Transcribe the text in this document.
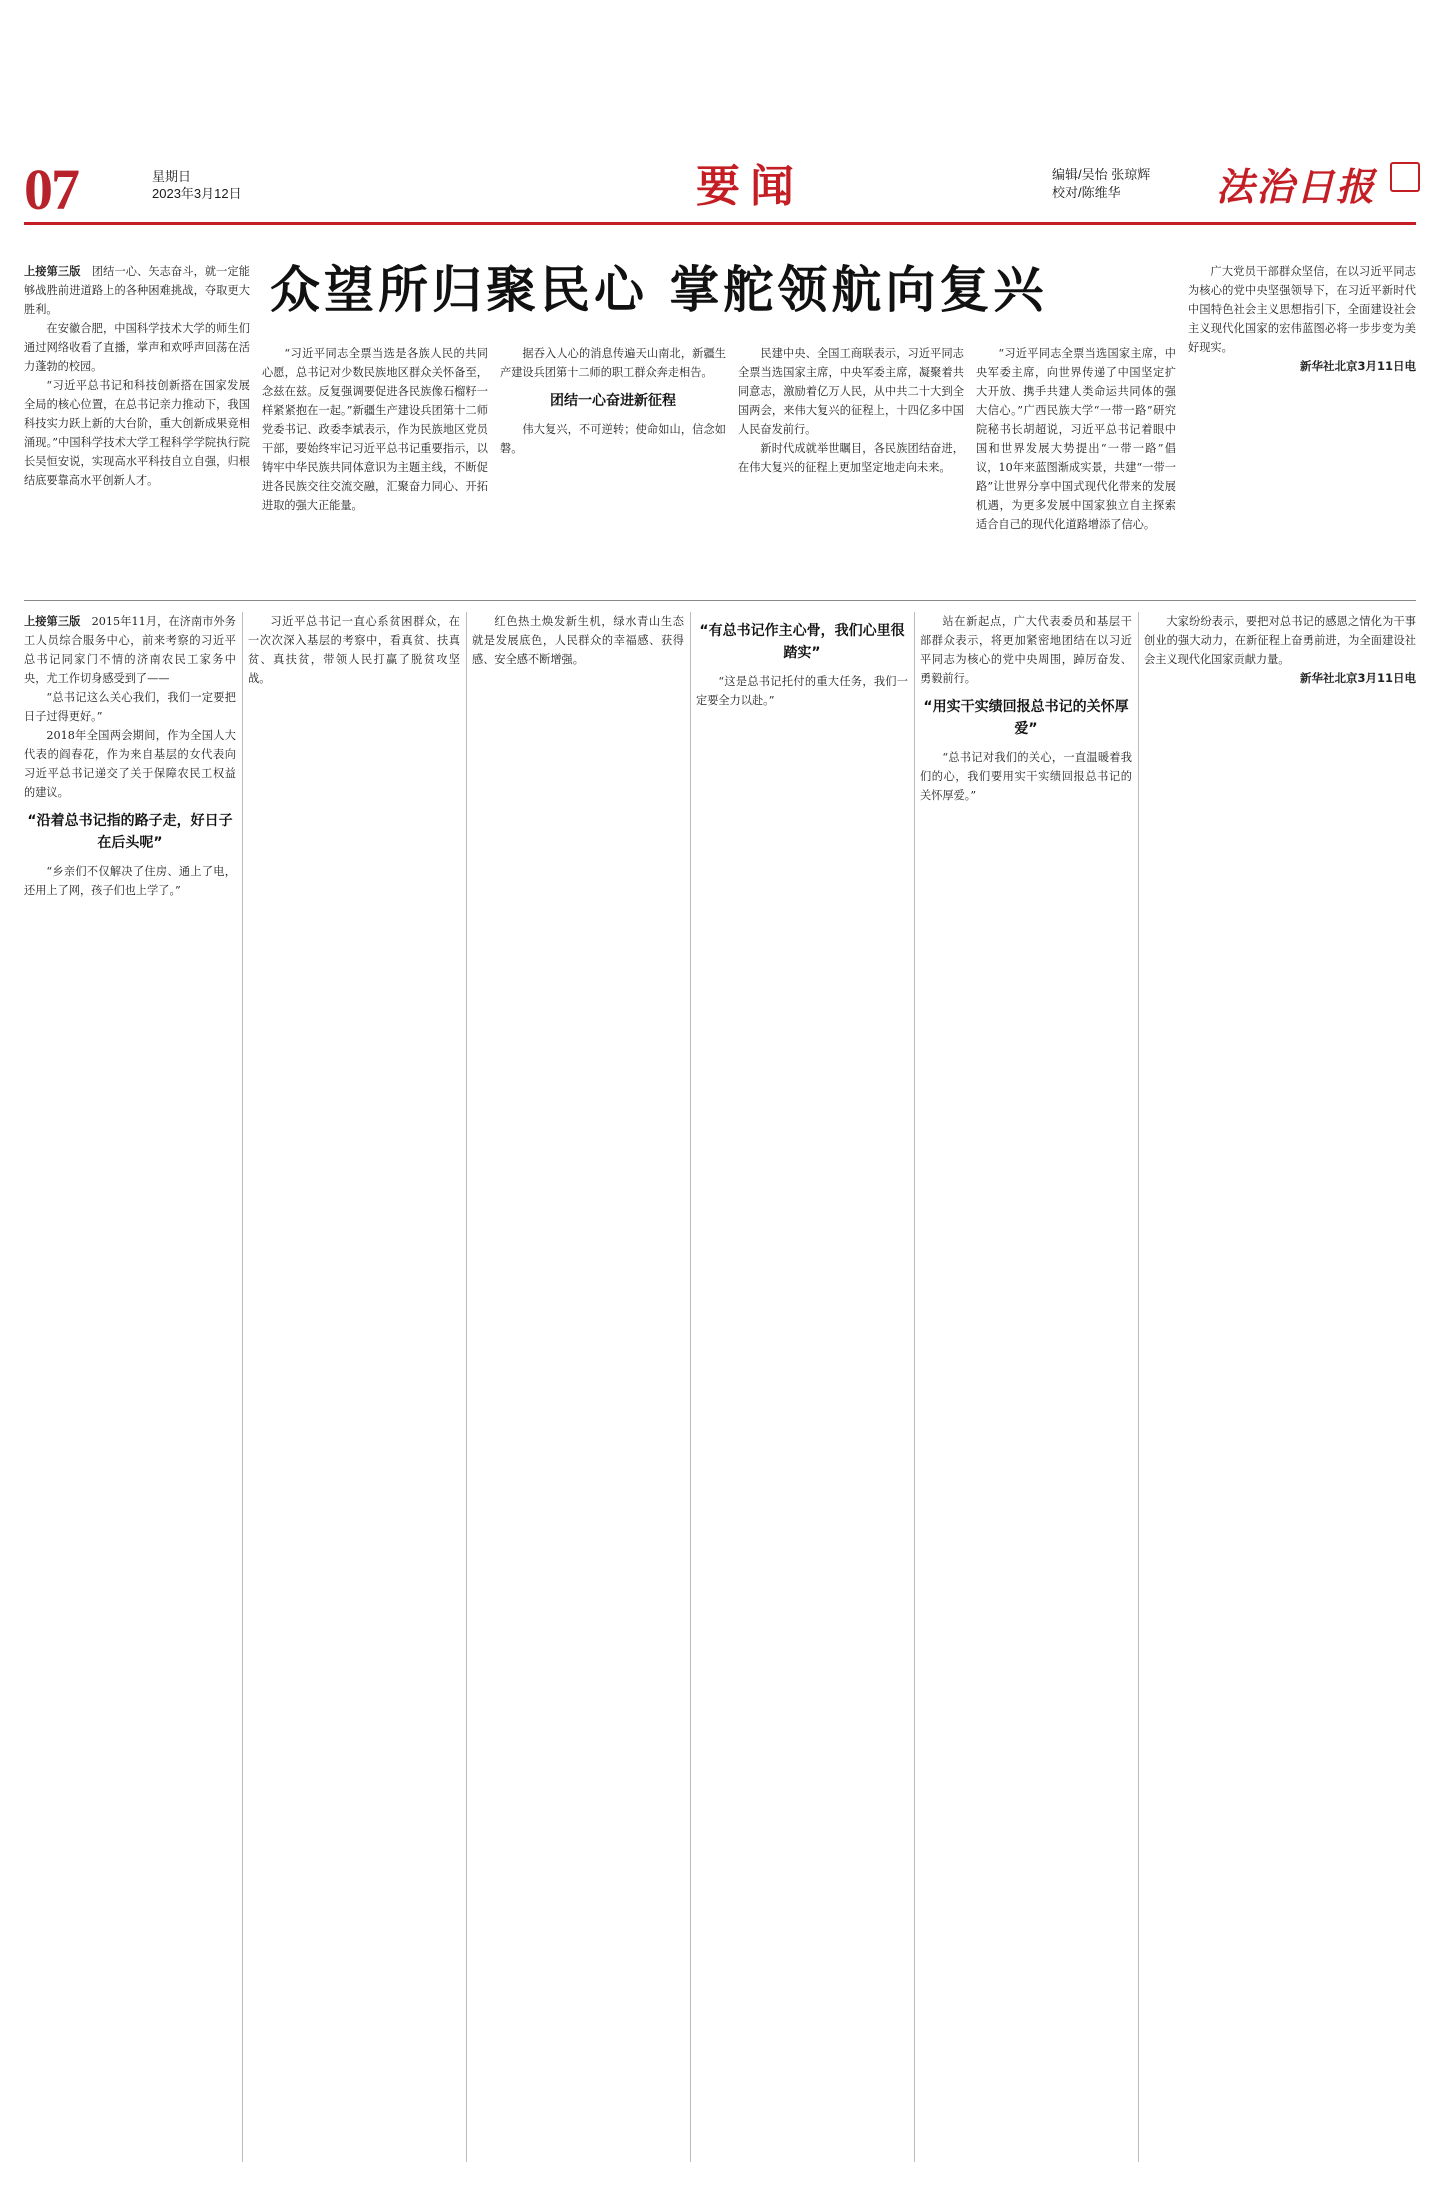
07	星期日
2023年3月12日	要闻	编辑/吴怡 张琼辉
校对/陈维华	法治日报
众望所归聚民心 掌舵领航向复兴

上接第三版　 团结一心、矢志奋斗，就一定能够战胜前进道路上的各种困难挑战，夺取更大胜利。

在安徽合肥，中国科学技术大学的师生们通过网络收看了直播，掌声和欢呼声回荡在活力蓬勃的校园。

“习近平总书记和科技创新搭在国家发展全局的核心位置，在总书记亲力推动下，我国科技实力跃上新的大台阶，重大创新成果竞相涌现。”中国科学技术大学工程科学学院执行院长吴恒安说，实现高水平科技自立自强，归根结底要靠高水平创新人才。

“习近平同志全票当选是各族人民的共同心愿，总书记对少数民族地区群众关怀备至，念兹在兹。反复强调要促进各民族像石榴籽一样紧紧抱在一起。”新疆生产建设兵团第十二师党委书记、政委李斌表示，作为民族地区党员干部，要始终牢记习近平总书记重要指示，以铸牢中华民族共同体意识为主题主线，不断促进各民族交往交流交融，汇聚奋力同心、开拓进取的强大正能量。

据吞入人心的消息传遍天山南北，新疆生产建设兵团第十二师的职工群众奔走相告。

团结一心奋进新征程

伟大复兴，不可逆转；使命如山，信念如磐。

民建中央、全国工商联表示，习近平同志全票当选国家主席，中央军委主席，凝聚着共同意志，激励着亿万人民，从中共二十大到全国两会，来伟大复兴的征程上，十四亿多中国人民奋发前行。

新时代成就举世瞩目，各民族团结奋进，在伟大复兴的征程上更加坚定地走向未来。

“习近平同志全票当选国家主席，中央军委主席，向世界传递了中国坚定扩大开放、携手共建人类命运共同体的强大信心。”广西民族大学“一带一路”研究院秘书长胡超说，习近平总书记着眼中国和世界发展大势提出“一带一路”倡议，10年来蓝图渐成实景，共建“一带一路”让世界分享中国式现代化带来的发展机遇，为更多发展中国家独立自主探索适合自己的现代化道路增添了信心。

广大党员干部群众坚信，在以习近平同志为核心的党中央坚强领导下，在习近平新时代中国特色社会主义思想指引下，全面建设社会主义现代化国家的宏伟蓝图必将一步步变为美好现实。

新华社北京3月11日电

上接第三版　 2015年11月，在济南市外务工人员综合服务中心，前来考察的习近平总书记同家门不情的济南农民工家务中央，尤工作切身感受到了——

“总书记这么关心我们，我们一定要把日子过得更好。”

2018年全国两会期间，作为全国人大代表的阎春花，作为来自基层的女代表向习近平总书记递交了关于保障农民工权益的建议。

“沿着总书记指的路子走，好日子在后头呢”

“乡亲们不仅解决了住房、通上了电，还用上了网，孩子们也上学了。”

习近平总书记一直心系贫困群众，在一次次深入基层的考察中，看真贫、扶真贫、真扶贫，带领人民打赢了脱贫攻坚战。

红色热土焕发新生机，绿水青山生态就是发展底色，人民群众的幸福感、获得感、安全感不断增强。

“有总书记作主心骨，我们心里很踏实”

“这是总书记托付的重大任务，我们一定要全力以赴。”

站在新起点，广大代表委员和基层干部群众表示，将更加紧密地团结在以习近平同志为核心的党中央周围，踔厉奋发、勇毅前行。

“用实干实绩回报总书记的关怀厚爱”

“总书记对我们的关心，一直温暖着我们的心，我们要用实干实绩回报总书记的关怀厚爱。”

大家纷纷表示，要把对总书记的感恩之情化为干事创业的强大动力，在新征程上奋勇前进，为全面建设社会主义现代化国家贡献力量。

新华社北京3月11日电
